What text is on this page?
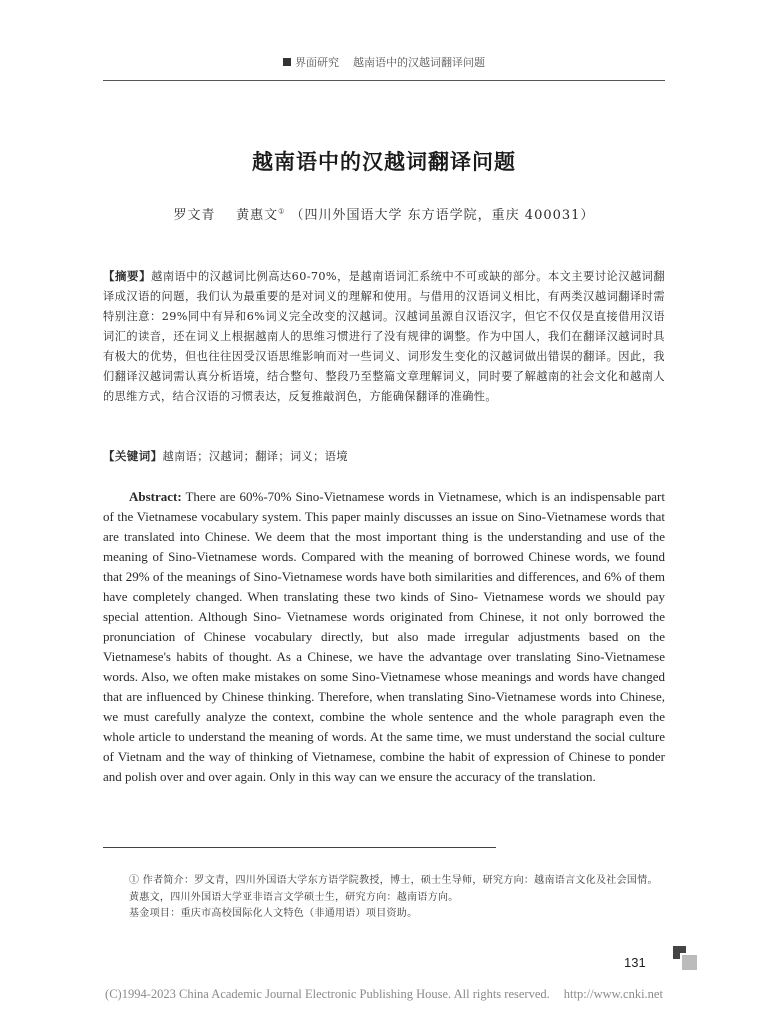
界面研究 越南语中的汉越词翻译问题
越南语中的汉越词翻译问题
罗文青 黄惠文① （四川外国语大学 东方语学院，重庆 400031）
【摘要】越南语中的汉越词比例高达60-70%，是越南语词汇系统中不可或缺的部分。本文主要讨论汉越词翻译成汉语的问题，我们认为最重要的是对词义的理解和使用。与借用的汉语词义相比，有两类汉越词翻译时需特别注意：29%同中有异和6%词义完全改变的汉越词。汉越词虽源自汉语汉字，但它不仅仅是直接借用汉语词汇的读音，还在词义上根据越南人的思维习惯进行了没有规律的调整。作为中国人，我们在翻译汉越词时具有极大的优势，但也往往因受汉语思维影响而对一些词义、词形发生变化的汉越词做出错误的翻译。因此，我们翻译汉越词需认真分析语境，结合整句、整段乃至整篇文章理解词义，同时要了解越南的社会文化和越南人的思维方式，结合汉语的习惯表达，反复推敲润色，方能确保翻译的准确性。
【关键词】越南语；汉越词；翻译；词义；语境
Abstract: There are 60%-70% Sino-Vietnamese words in Vietnamese, which is an indispensable part of the Vietnamese vocabulary system. This paper mainly discusses an issue on Sino-Vietnamese words that are translated into Chinese. We deem that the most important thing is the understanding and use of the meaning of Sino-Vietnamese words. Compared with the meaning of borrowed Chinese words, we found that 29% of the meanings of Sino-Vietnamese words have both similarities and differences, and 6% of them have completely changed. When translating these two kinds of Sino- Vietnamese words we should pay special attention. Although Sino- Vietnamese words originated from Chinese, it not only borrowed the pronunciation of Chinese vocabulary directly, but also made irregular adjustments based on the Vietnamese's habits of thought. As a Chinese, we have the advantage over translating Sino-Vietnamese words. Also, we often make mistakes on some Sino-Vietnamese whose meanings and words have changed that are influenced by Chinese thinking. Therefore, when translating Sino-Vietnamese words into Chinese, we must carefully analyze the context, combine the whole sentence and the whole paragraph even the whole article to understand the meaning of words. At the same time, we must understand the social culture of Vietnam and the way of thinking of Vietnamese, combine the habit of expression of Chinese to ponder and polish over and over again. Only in this way can we ensure the accuracy of the translation.

① 作者简介：罗文青，四川外国语大学东方语学院教授，博士，硕士生导师，研究方向：越南语言文化及社会国情。

黄惠文，四川外国语大学亚非语言文学硕士生，研究方向：越南语方向。

基金项目：重庆市高校国际化人文特色（非通用语）项目资助。

131
(C)1994-2023 China Academic Journal Electronic Publishing House. All rights reserved. http://www.cnki.net
